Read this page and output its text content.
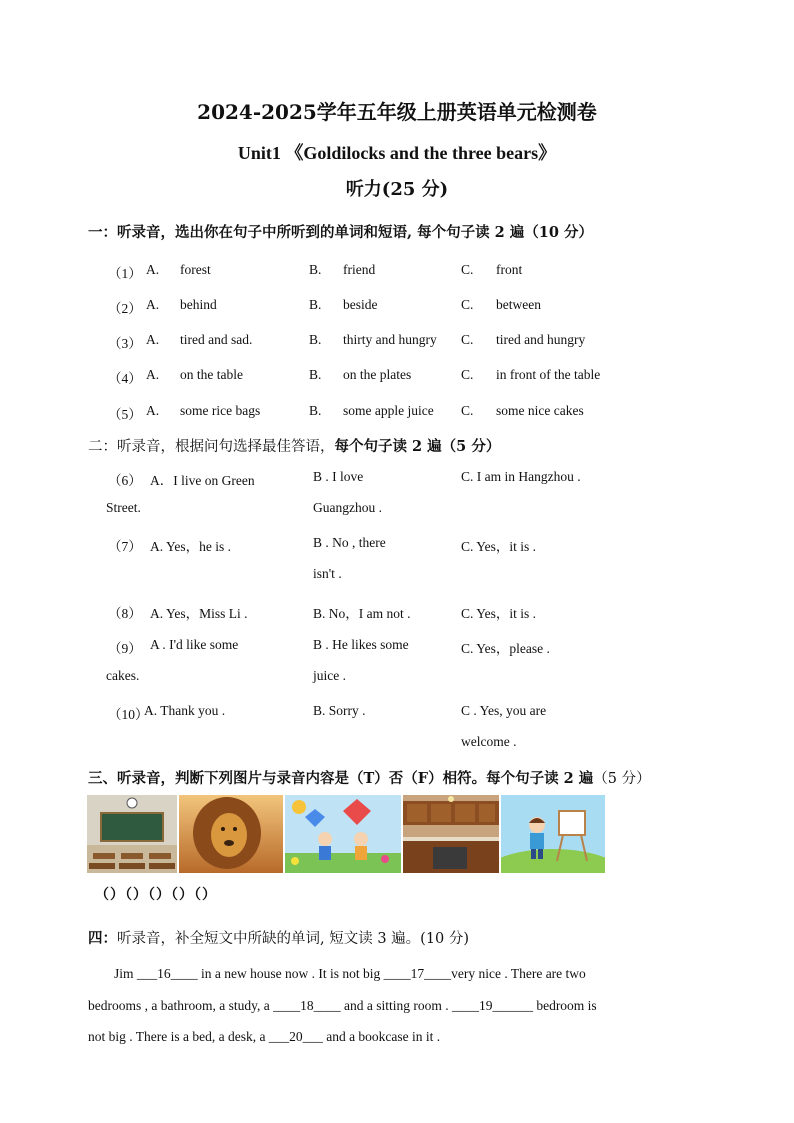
2024-2025学年五年级上册英语单元检测卷
Unit1 《Goldilocks and the three bears》
听力(25 分)
一：听录音，选出你在句子中所听到的单词和短语, 每个句子读 2 遍（10 分）
（1） A. forest	B. friend	C. front
（2） A. behind	B. beside	C. between
（3） A. tired and sad.	B. thirty and hungry C. tired and hungry
（4） A. on the table	B. on the plates	C. in front of the table
（5） A. some rice bags	B. some apple juice C. some nice cakes
二：听录音，根据问句选择最佳答语，每个句子读 2 遍（5 分）
（6） A．I live on Green
Street.
B . I love
Guangzhou .
C. I am in Hangzhou .
（7） A. Yes，he is .	B . No , there
isn't .
C. Yes，it is .
（8） A. Yes，Miss Li .	B. No，I am not .	C. Yes，it is .
（9） A . I'd like some
cakes.
B . He likes some
juice .
C. Yes，please .
（10）
A. Thank you .	B. Sorry .	C . Yes, you are
welcome .
三、听录音，判断下列图片与录音内容是（T）否（F）相符。每个句子读 2 遍（5 分）
（）（）（）（）（）
四：听录音，补全短文中所缺的单词, 短文读 3 遍。(10 分)
Jim ___16____ in a new house now . It is not big ____17____very nice . There are two
bedrooms , a bathroom, a study, a ____18____ and a sitting room . ____19______ bedroom is
not big . There is a bed, a desk, a ___20___ and a bookcase in it .
